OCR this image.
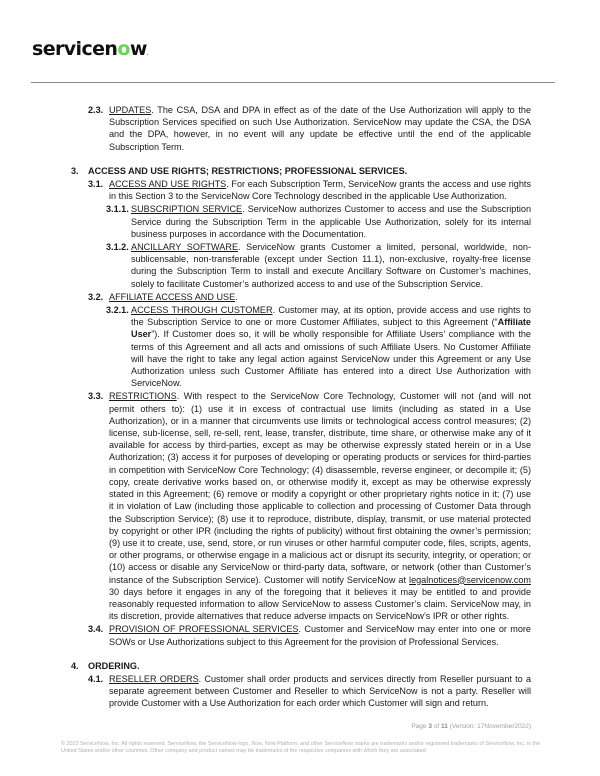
servicenow.
2.3. UPDATES. The CSA, DSA and DPA in effect as of the date of the Use Authorization will apply to the Subscription Services specified on such Use Authorization. ServiceNow may update the CSA, the DSA and the DPA, however, in no event will any update be effective until the end of the applicable Subscription Term.
3. ACCESS AND USE RIGHTS; RESTRICTIONS; PROFESSIONAL SERVICES.
3.1. ACCESS AND USE RIGHTS. For each Subscription Term, ServiceNow grants the access and use rights in this Section 3 to the ServiceNow Core Technology described in the applicable Use Authorization.
3.1.1. SUBSCRIPTION SERVICE. ServiceNow authorizes Customer to access and use the Subscription Service during the Subscription Term in the applicable Use Authorization, solely for its internal business purposes in accordance with the Documentation.
3.1.2. ANCILLARY SOFTWARE. ServiceNow grants Customer a limited, personal, worldwide, non-sublicensable, non-transferable (except under Section 11.1), non-exclusive, royalty-free license during the Subscription Term to install and execute Ancillary Software on Customer’s machines, solely to facilitate Customer’s authorized access to and use of the Subscription Service.
3.2. AFFILIATE ACCESS AND USE.
3.2.1. ACCESS THROUGH CUSTOMER. Customer may, at its option, provide access and use rights to the Subscription Service to one or more Customer Affiliates, subject to this Agreement (“Affiliate User”). If Customer does so, it will be wholly responsible for Affiliate Users’ compliance with the terms of this Agreement and all acts and omissions of such Affiliate Users. No Customer Affiliate will have the right to take any legal action against ServiceNow under this Agreement or any Use Authorization unless such Customer Affiliate has entered into a direct Use Authorization with ServiceNow.
3.3. RESTRICTIONS. With respect to the ServiceNow Core Technology, Customer will not (and will not permit others to): (1) use it in excess of contractual use limits (including as stated in a Use Authorization), or in a manner that circumvents use limits or technological access control measures; (2) license, sub-license, sell, re-sell, rent, lease, transfer, distribute, time share, or otherwise make any of it available for access by third-parties, except as may be otherwise expressly stated herein or in a Use Authorization; (3) access it for purposes of developing or operating products or services for third-parties in competition with ServiceNow Core Technology; (4) disassemble, reverse engineer, or decompile it; (5) copy, create derivative works based on, or otherwise modify it, except as may be otherwise expressly stated in this Agreement; (6) remove or modify a copyright or other proprietary rights notice in it; (7) use it in violation of Law (including those applicable to collection and processing of Customer Data through the Subscription Service); (8) use it to reproduce, distribute, display, transmit, or use material protected by copyright or other IPR (including the rights of publicity) without first obtaining the owner’s permission; (9) use it to create, use, send, store, or run viruses or other harmful computer code, files, scripts, agents, or other programs, or otherwise engage in a malicious act or disrupt its security, integrity, or operation; or (10) access or disable any ServiceNow or third-party data, software, or network (other than Customer’s instance of the Subscription Service). Customer will notify ServiceNow at legalnotices@servicenow.com 30 days before it engages in any of the foregoing that it believes it may be entitled to and provide reasonably requested information to allow ServiceNow to assess Customer’s claim. ServiceNow may, in its discretion, provide alternatives that reduce adverse impacts on ServiceNow’s IPR or other rights.
3.4. PROVISION OF PROFESSIONAL SERVICES. Customer and ServiceNow may enter into one or more SOWs or Use Authorizations subject to this Agreement for the provision of Professional Services.
4. ORDERING.
4.1. RESELLER ORDERS. Customer shall order products and services directly from Reseller pursuant to a separate agreement between Customer and Reseller to which ServiceNow is not a party. Reseller will provide Customer with a Use Authorization for each order which Customer will sign and return.
Page 3 of 11 (Version: 17November2022)
© 2022 ServiceNow, Inc. All rights reserved. ServiceNow, the ServiceNow logo, Now, Now Platform, and other ServiceNow marks are trademarks and/or registered trademarks of ServiceNow, Inc. in the United States and/or other countries. Other company and product names may be trademarks of the respective companies with which they are associated.
